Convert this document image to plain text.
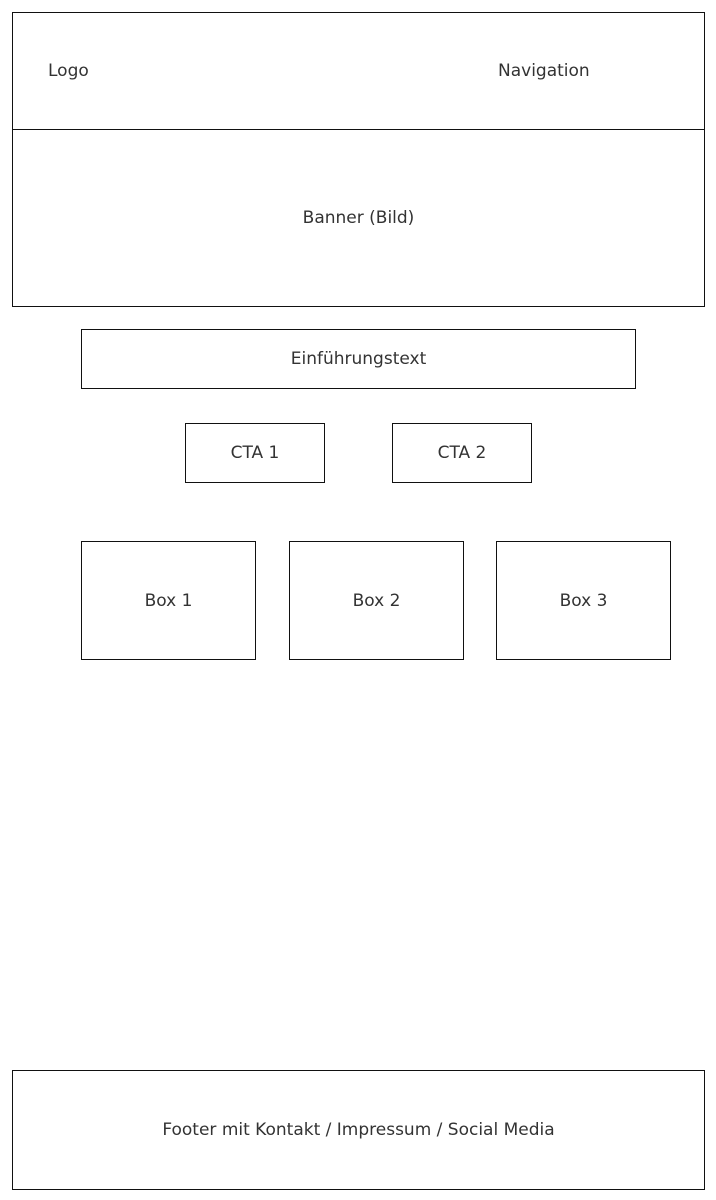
Logo	Navigation
Banner (Bild)
Einführungstext
CTA 1	CTA 2
Box 1	Box 2	Box 3
Footer mit Kontakt / Impressum / Social Media
